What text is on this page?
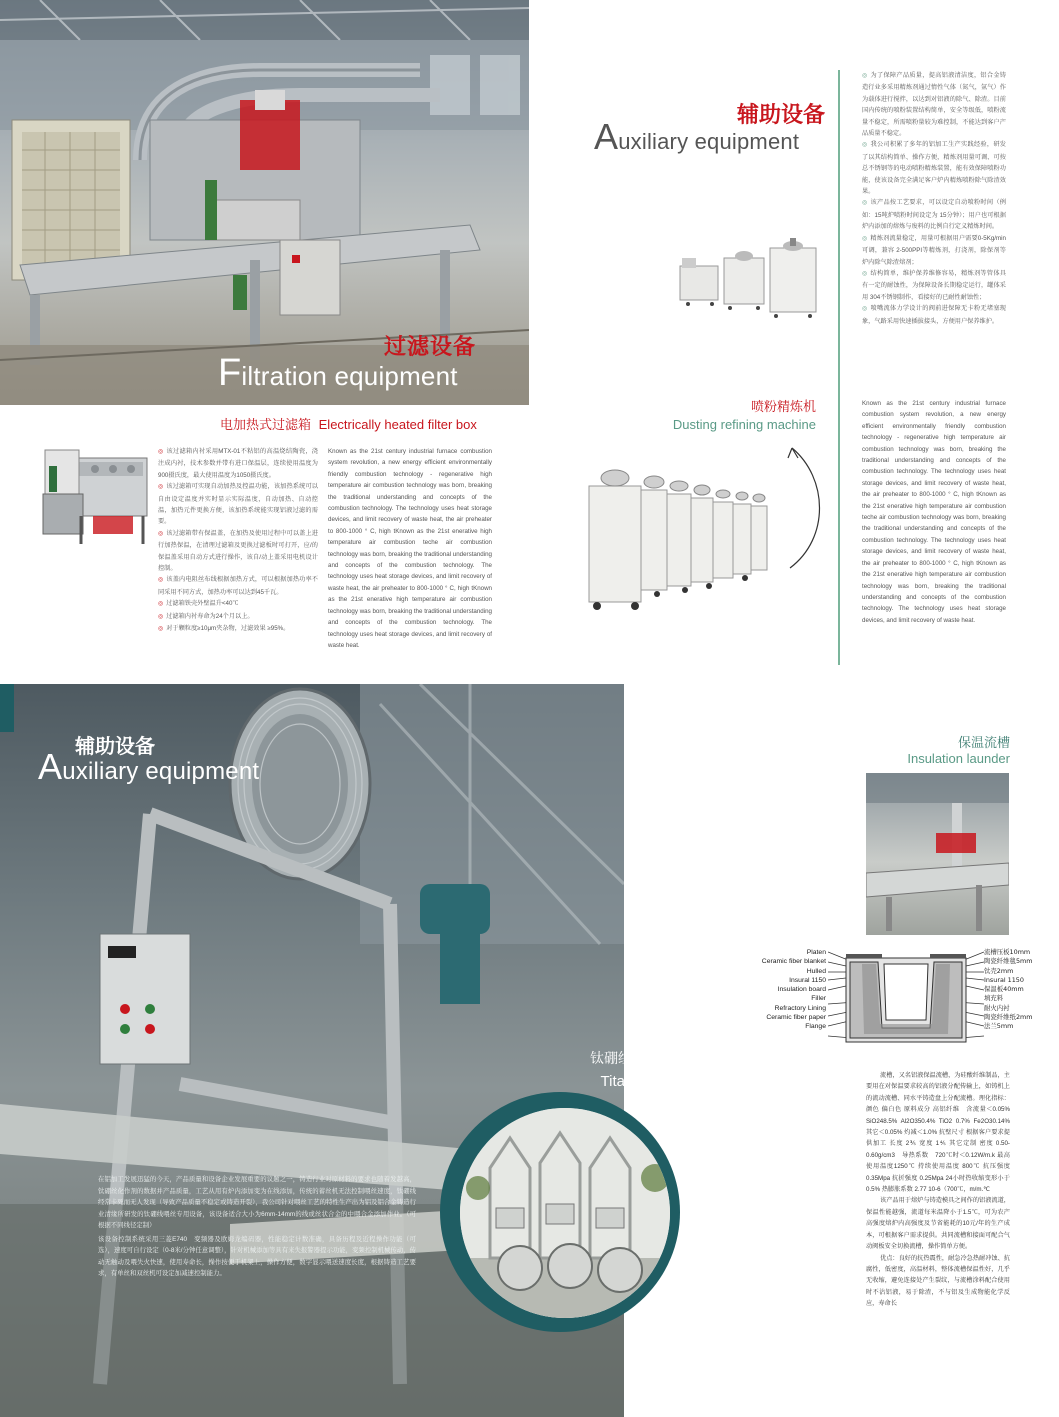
过滤设备
Filtration equipment
电加热式过滤箱 Electrically heated filter box
◎ 该过滤箱内衬采用MTX-01不粘铝的高温烧结陶瓷，浇注成内衬，技术参数并带有进口保温层，连续使用温度为900摄氏度，最大使用温度为1050摄氏度。
◎ 该过滤箱可实现自动加热及控温功能，该加热系统可以自由设定温度并实时显示实际温度，自动加热、自动控温，加热元件更换方便，该加热系统能实现铝液过滤的需要。
◎ 该过滤箱带有保温盖，在加热及使用过程中可以盖上进行加热保温，在清理过滤箱及更换过滤板时可打开，应/的保温盖采用自动方式进行操作，该自/动上盖采用电机设计控制。
◎ 该盖内电阻丝布线根据加热方式，可以根据加热功率不同采用不同方式，加热功率可以达到45千瓦。
◎ 过滤箱铁壳外壁温升<40℃
◎ 过滤箱内衬寿命为24个月以上。
◎ 对于颗粒度≥10μm夹杂物，过滤效果 ≥95%。
Known as the 21st century industrial furnace combustion system revolution, a new energy efficient environmentally friendly combustion technology - regenerative high temperature air combustion technology was born, breaking the traditional understanding and concepts of the combustion technology. The technology uses heat storage devices, and limit recovery of waste heat, the air preheater to 800-1000 ° C, high tKnown as the 21st enerative high temperature air combustion teche air combustion technology was born, breaking the traditional understanding and concepts of the combustion technology. The technology uses heat storage devices, and limit recovery of waste heat, the air preheater to 800-1000 ° C, high tKnown as the 21st enerative high temperature air combustion technology was born, breaking the traditional understanding and concepts of the combustion technology. The technology uses heat storage devices, and limit recovery of waste heat.
辅助设备
Auxiliary equipment
喷粉精炼机
Dusting refining machine
◎ 为了保障产品质量，提高铝液清洁度，铝合金铸造行业多采用精炼剂通过惰性气体（氮气，氩气）作为载体进行搅拌，以达到对铝液的除气、除渣。目前国内传统的喷粉装置结构简单，安全等级低，喷粉流量不稳定，所需喷粉量较为难控制，不能达到客户产品质量不稳定。
◎ 我公司积累了多年的铝加工生产实践经验，研发了以其结构简单、操作方便，精炼剂用量可调、可按总不锈钢等的电动喷粉精炼装置，能有效保障喷粉功能，使该设备完全满足客户炉内精炼喷粉除气除渣效果。
◎ 该产品按工艺要求，可以设定自动喷粉时间（例如：15吨炉喷粉时间设定为 15分钟）；用户也可根据炉内添加的熔炼与废料的比例自行定义精炼时间。
◎ 精炼剂流量稳定，用量可根据用户需要0-5Kg/min可调，兼容 2-500PPI等精炼剂，打浇剂，除保剂等炉内除气除渣熔剂；
◎ 结构简单，维护保养维修容易，精炼剂等管体具有一定的耐蚀性，为保障设备长期稳定运行，罐体采用 304不锈钢制作，看接好的已耐性耐蚀性；
◎ 喷嘴流体力学设计的阀前进保障无卡粉无堵塞现象，气路采用快速插拔接头，方便用户保养维护。
Known as the 21st century industrial furnace combustion system revolution, a new energy efficient environmentally friendly combustion technology - regenerative high temperature air combustion technology was born, breaking the traditional understanding and concepts of the combustion technology. The technology uses heat storage devices, and limit recovery of waste heat, the air preheater to 800-1000 ° C, high tKnown as the 21st enerative high temperature air combustion teche air combustion technology was born, breaking the traditional understanding and concepts of the combustion technology. The technology uses heat storage devices, and limit recovery of waste heat, the air preheater to 800-1000 ° C, high tKnown as the 21st enerative high temperature air combustion technology was born, breaking the traditional understanding and concepts of the combustion technology. The technology uses heat storage devices, and limit recovery of waste heat.
辅助设备
Auxiliary equipment
钛硼线喂丝机
Titanium boron
line wire feeder
在铝加工发展迅猛的今天，产品质量和设备企业发展重要的议题之一，铸造行业对原材料的要求也随着发越高，钛硼丝化作剂的数据并产品质量，工艺从用有炉内添加变为在线添加，传统的蓄丝机无法控制喂丝速度，钛硼线经常卡死而无人发现（导致产品质量不稳定或铸造开裂），我公司针对喂丝工艺的特性生产出为铝及铝合金铸造行业清缘所研发的钛硼线喂丝专用设备，该设备适合大小为6mm-14mm的线或丝状合金的中喂合金添加作业。（可根据不同线径定制）
该设备控制系统采用三菱E740　变频器及欧姆龙编码器，性能稳定计数准确，具备历程及近程操作功能（可选），速度可自行设定（0-8米/分钟任意调整），针对机械添加等具有来失报警器提示功能，变频控制机械传动，传动无触动及喂失火快速，使用寿命长，操作按便于机架上，操作方便，数字显示喂送速度长度，根据铸造工艺要求，有单丝和双丝机可设定加减速控制能力。
保温流槽
Insulation launder
Platen
Ceramic fiber blanket
Hulled
Insural 1150
Insulation board
Filler
Refractory Lining
Ceramic fiber paper
Flange
流槽压板10mm
陶瓷纤维毯5mm
钛壳2mm
Insural 1150
保温板40mm
填充料
耐火内衬
陶瓷纤维纸2mm
法兰5mm
流槽，又名铝液保温流槽，为硅酸纤维制品，主要用在对保温要求较高的铝液分配传输上，如铸机上的流动流槽、同水平铸造盘上分配流槽。理化指标：颜色 偏白色 原料成分 高铝纤维　含流量＜0.05%　SiO248.5% Al2O350.4% TiO2 0.7% Fe2O30.14% 其它＜0.05% 灼减＜1.0% 抗壁尺寸 根据客户要求提供加工 长度 2⅗ 宽度 1⅘ 其它定制 密度 0.50-0.60g/cm3　导热系数　720℃时＜0.12W/m.k 最高使用温度1250℃ 持续使用温度 800℃ 抗压强度 0.35Mpa 抗折强度 0.25Mpa 24小时热收缩变形小于0.5% 热膨胀系数 2.77 10-6（700℃，m/m.℃
该产品用于熔炉与铸造模具之间作的铝液流道，保温性能越强，流道每米温降小于1.5℃，可为农产高强度熔炉内高强度及节省能耗的10元/年的生产成本，可根据客户需求提供。共同流槽和接面可配合气动阀板安全切换流槽，操作简单方便。
优点：良好的抗热震性，耐急冷急热耐冲蚀、抗腐性，低密度，高温材料，整体流槽保温性好，几乎无收缩，避免连接处产生裂纹，与流槽涂料配合使用时不沾铝液，易于除渣，不与铝及生成物能化学反应，寿命长
